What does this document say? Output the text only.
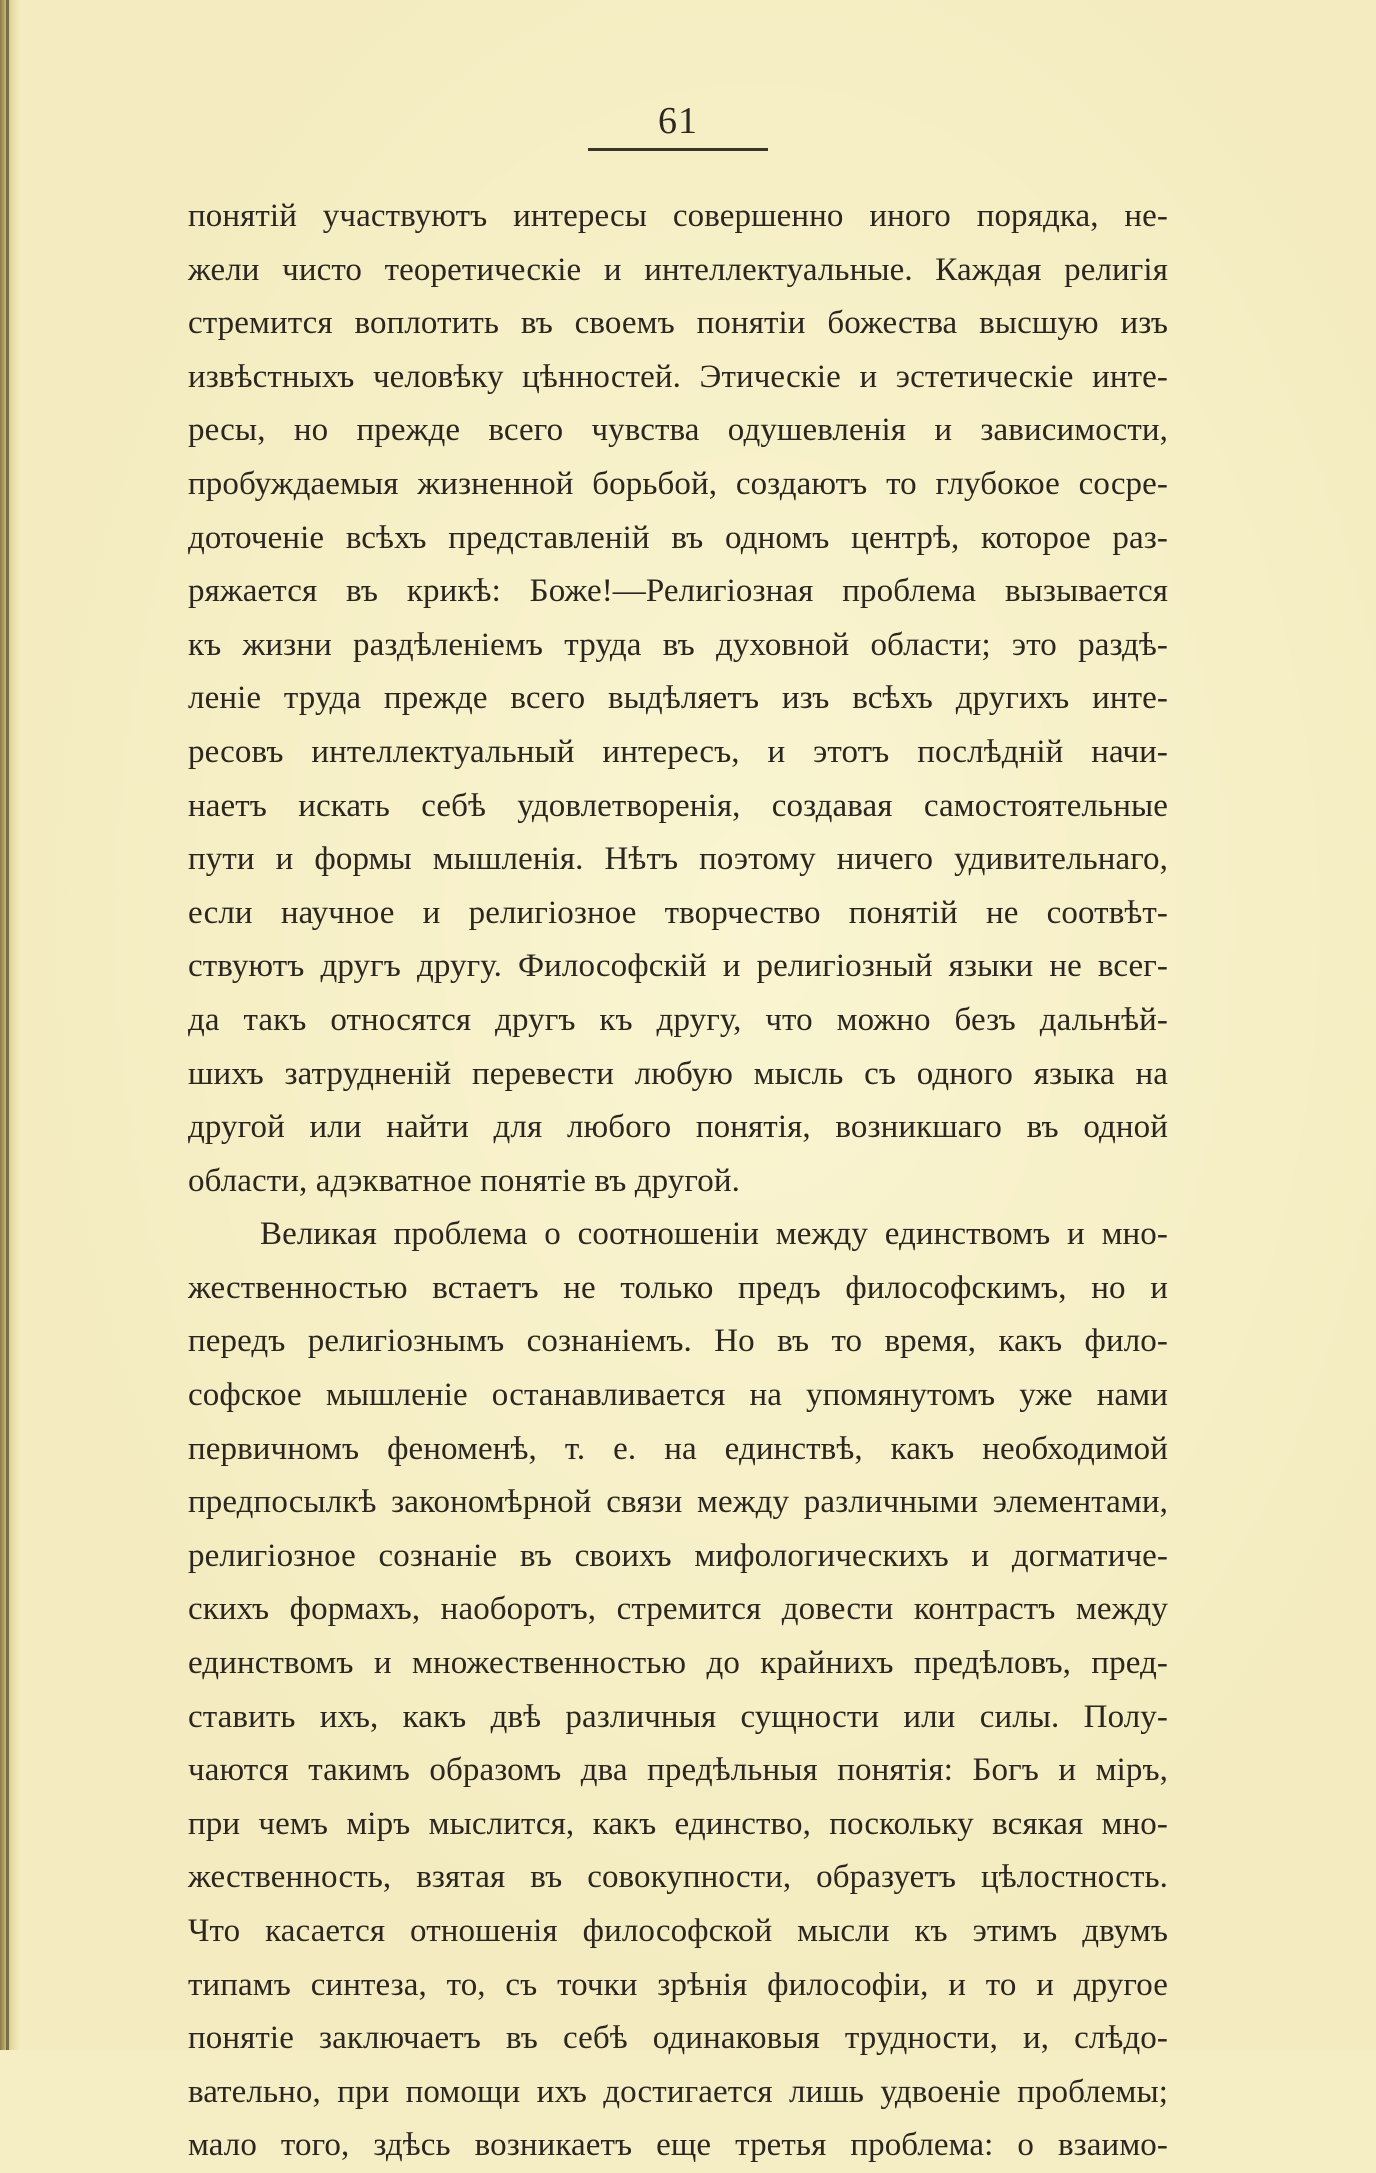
61
понятій участвуютъ интересы совершенно иного порядка, не-
жели чисто теоретическіе и интеллектуальные. Каждая религія
стремится воплотить въ своемъ понятіи божества высшую изъ
извѣстныхъ человѣку цѣнностей. Этическіе и эстетическіе инте-
ресы, но прежде всего чувства одушевленія и зависимости,
пробуждаемыя жизненной борьбой, создаютъ то глубокое сосре-
доточеніе всѣхъ представленій въ одномъ центрѣ, которое раз-
ряжается въ крикѣ: Боже!—Религіозная проблема вызывается
къ жизни раздѣленіемъ труда въ духовной области; это раздѣ-
леніе труда прежде всего выдѣляетъ изъ всѣхъ другихъ инте-
ресовъ интеллектуальный интересъ, и этотъ послѣдній начи-
наетъ искать себѣ удовлетворенія, создавая самостоятельные
пути и формы мышленія. Нѣтъ поэтому ничего удивительнаго,
если научное и религіозное творчество понятій не соотвѣт-
ствуютъ другъ другу. Философскій и религіозный языки не всег-
да такъ относятся другъ къ другу, что можно безъ дальнѣй-
шихъ затрудненій перевести любую мысль съ одного языка на
другой или найти для любого понятія, возникшаго въ одной
области, адэкватное понятіе въ другой.
Великая проблема о соотношеніи между единствомъ и мно-
жественностью встаетъ не только предъ философскимъ, но и
передъ религіознымъ сознаніемъ. Но въ то время, какъ фило-
софское мышленіе останавливается на упомянутомъ уже нами
первичномъ феноменѣ, т. е. на единствѣ, какъ необходимой
предпосылкѣ закономѣрной связи между различными элементами,
религіозное сознаніе въ своихъ мифологическихъ и догматиче-
скихъ формахъ, наоборотъ, стремится довести контрастъ между
единствомъ и множественностью до крайнихъ предѣловъ, пред-
ставить ихъ, какъ двѣ различныя сущности или силы. Полу-
чаются такимъ образомъ два предѣльныя понятія: Богъ и міръ,
при чемъ міръ мыслится, какъ единство, поскольку всякая мно-
жественность, взятая въ совокупности, образуетъ цѣлостность.
Что касается отношенія философской мысли къ этимъ двумъ
типамъ синтеза, то, съ точки зрѣнія философіи, и то и другое
понятіе заключаетъ въ себѣ одинаковыя трудности, и, слѣдо-
вательно, при помощи ихъ достигается лишь удвоеніе проблемы;
мало того, здѣсь возникаетъ еще третья проблема: о взаимо-
